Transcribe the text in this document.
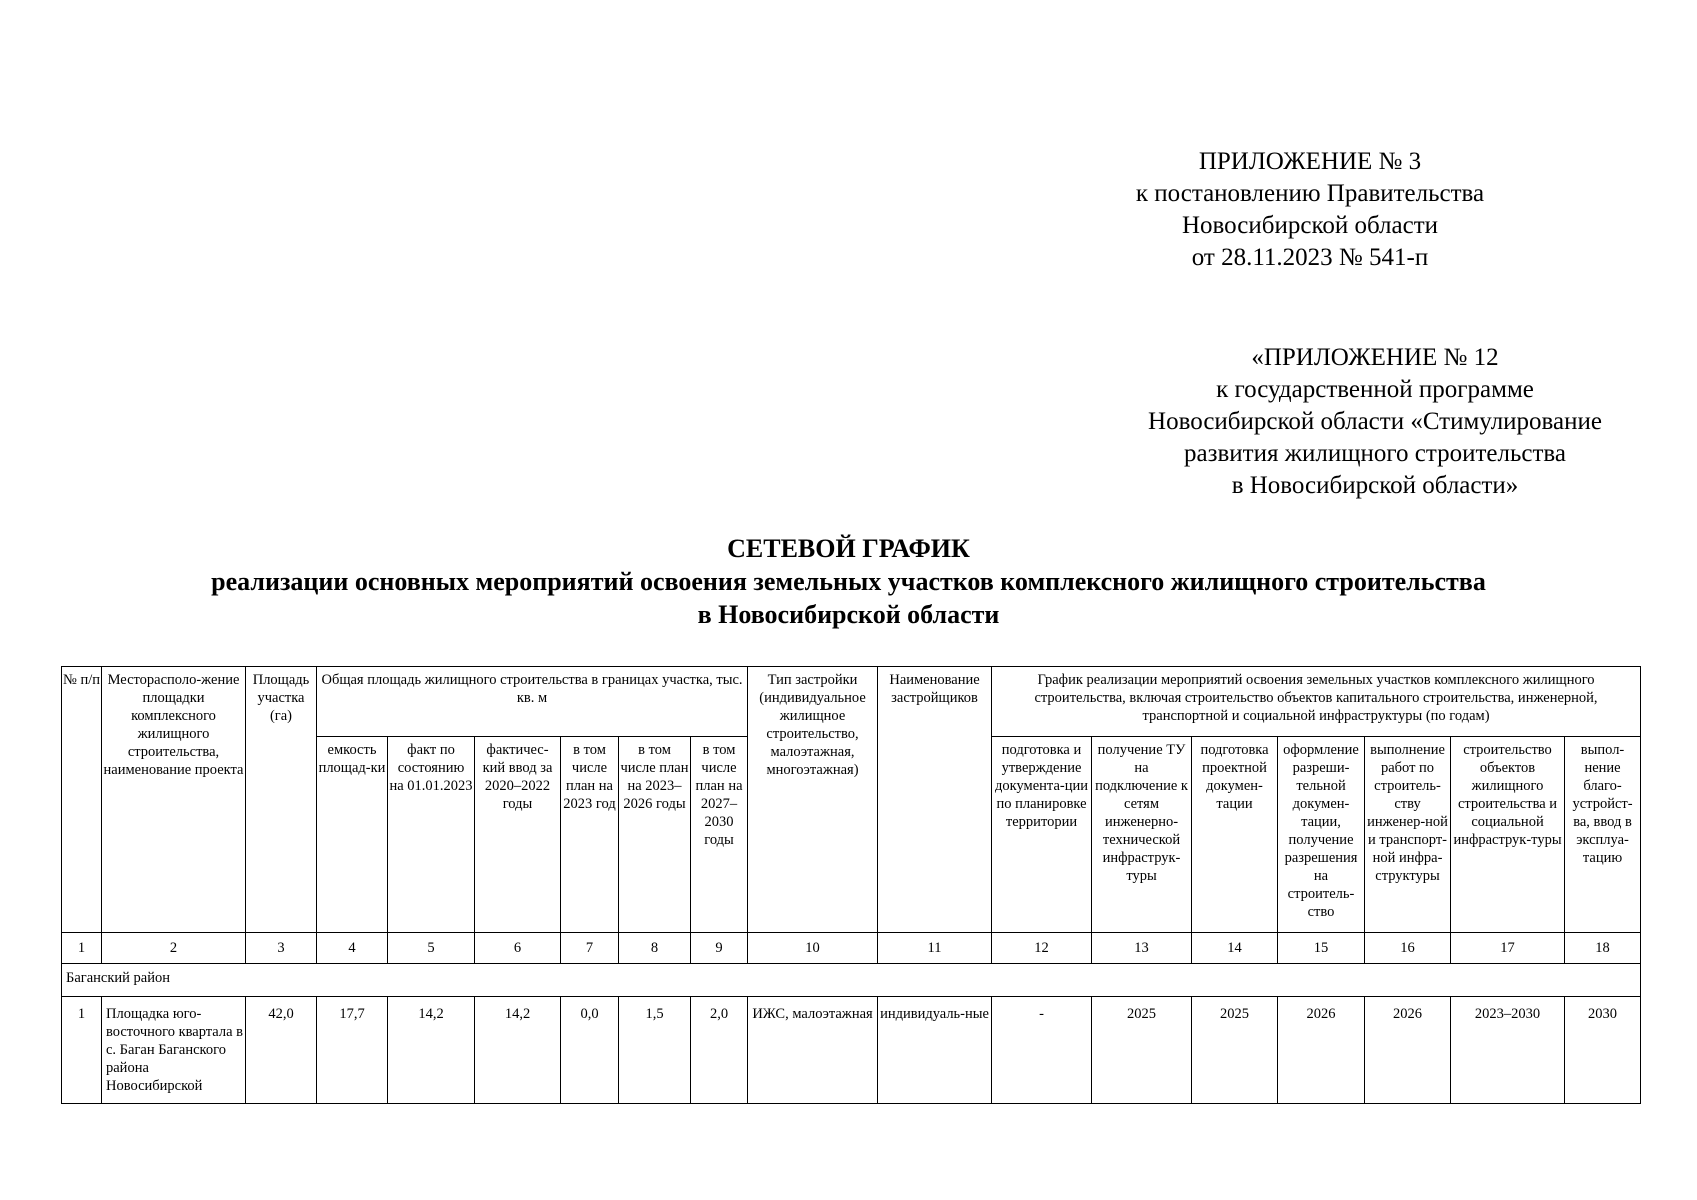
ПРИЛОЖЕНИЕ № 3
к постановлению Правительства
Новосибирской области
от 28.11.2023 № 541-п
«ПРИЛОЖЕНИЕ № 12
к государственной программе
Новосибирской области «Стимулирование
развития жилищного строительства
в Новосибирской области»
СЕТЕВОЙ ГРАФИК
реализации основных мероприятий освоения земельных участков комплексного жилищного строительства
в Новосибирской области
№ п/п	Месторасполо-жение площадки комплексного жилищного строительства, наименование проекта	Площадь участка (га)	Общая площадь жилищного строительства в границах участка, тыс. кв. м						Тип застройки (индивидуальное жилищное строительство, малоэтажная, многоэтажная)	Наименование застройщиков	График реализации мероприятий освоения земельных участков комплексного жилищного строительства, включая строительство объектов капитального строительства, инженерной, транспортной и социальной инфраструктуры (по годам)						
			емкость площад-ки	факт по состоянию на 01.01.2023	фактичес-кий ввод за 2020–2022 годы	в том числе план на 2023 год	в том числе план на 2023–2026 годы	в том числе план на 2027–2030 годы			подготовка и утверждение документа-ции по планировке территории	получение ТУ на подключение к сетям инженерно-технической инфраструк-туры	подготовка проектной докумен-тации	оформление разреши-тельной докумен-тации, получение разрешения на строитель-ство	выполнение работ по строитель-ству инженер-ной и транспорт-ной инфра-структуры	строительство объектов жилищного строительства и социальной инфраструк-туры	выпол-нение благо-устройст-ва, ввод в эксплуа-тацию
1	2	3	4	5	6	7	8	9	10	11	12	13	14	15	16	17	18
Баганский район																	
1	Площадка юго-восточного квартала в с. Баган Баганского района Новосибирской	42,0	17,7	14,2	14,2	0,0	1,5	2,0	ИЖС, малоэтажная	индивидуаль-ные	-	2025	2025	2026	2026	2023–2030	2030
